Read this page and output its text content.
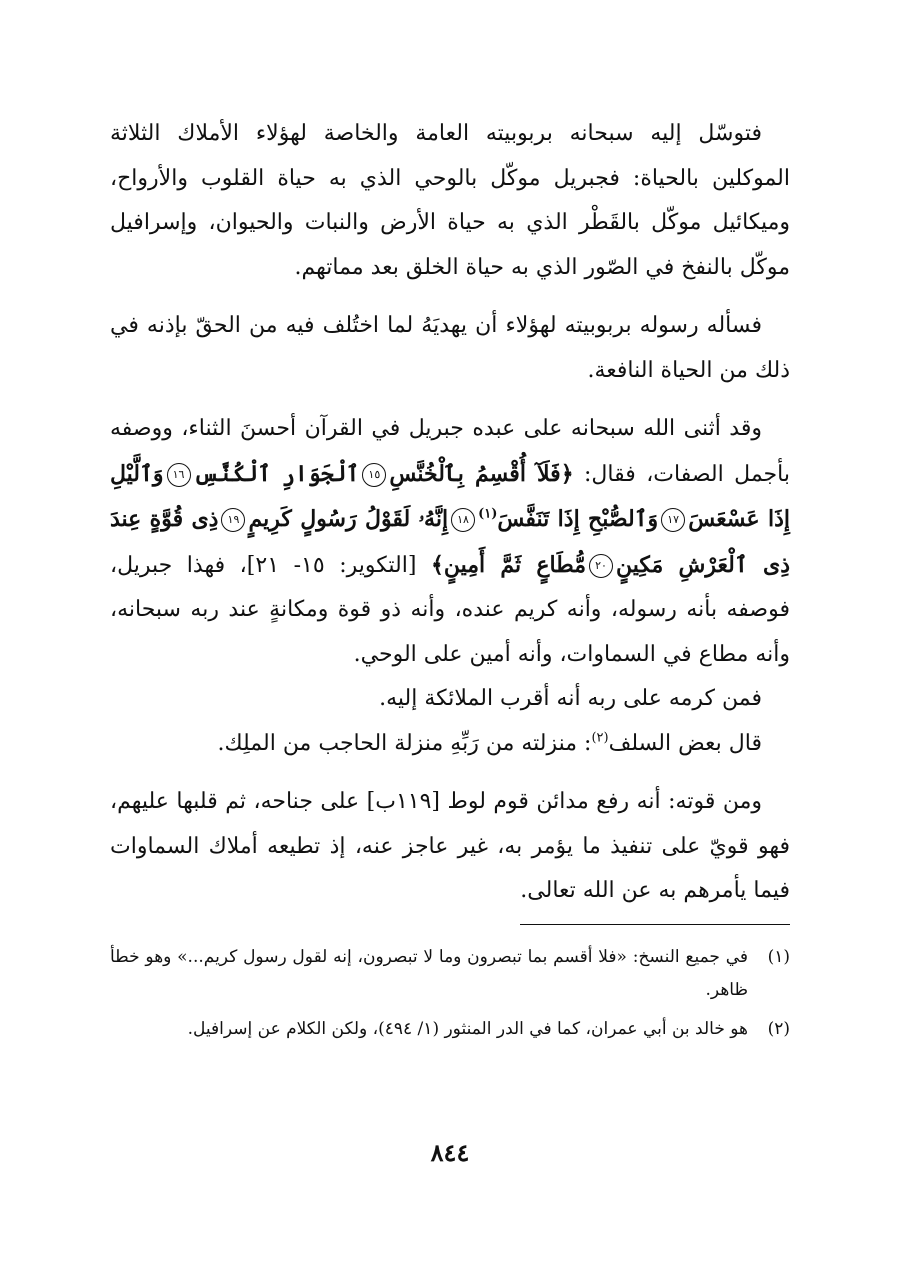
فتوسّل إليه سبحانه بربوبيته العامة والخاصة لهؤلاء الأملاك الثلاثة الموكلين بالحياة: فجبريل موكّل بالوحي الذي به حياة القلوب والأرواح، وميكائيل موكّل بالقَطْر الذي به حياة الأرض والنبات والحيوان، وإسرافيل موكّل بالنفخ في الصّور الذي به حياة الخلق بعد مماتهم.

فسأله رسوله بربوبيته لهؤلاء أن يهديَهُ لما اختُلف فيه من الحقّ بإذنه في ذلك من الحياة النافعة.

وقد أثنى الله سبحانه على عبده جبريل في القرآن أحسنَ الثناء، ووصفه بأجمل الصفات، فقال: ﴿فَلَآ أُقْسِمُ بِٱلْخُنَّسِ١٥ٱلْجَوَارِ ٱلْكُنَّسِ١٦وَٱلَّيْلِ إِذَا عَسْعَسَ١٧وَٱلصُّبْحِ إِذَا تَنَفَّسَ$^{(١)}$١٨إِنَّهُۥ لَقَوْلُ رَسُولٍ كَرِيمٍ١٩ذِى قُوَّةٍ عِندَ ذِى ٱلْعَرْشِ مَكِينٍ٢٠مُّطَاعٍ ثَمَّ أَمِينٍ﴾ [التكوير: ١٥- ٢١]، فهذا جبريل، فوصفه بأنه رسوله، وأنه كريم عنده، وأنه ذو قوة ومكانةٍ عند ربه سبحانه، وأنه مطاع في السماوات، وأنه أمين على الوحي.

فمن كرمه على ربه أنه أقرب الملائكة إليه.

قال بعض السلف$^{(٢)}$: منزلته من رَبِّهِ منزلة الحاجب من الملِك.

ومن قوته: أنه رفع مدائن قوم لوط [١١٩ب] على جناحه، ثم قلبها عليهم، فهو قويّ على تنفيذ ما يؤمر به، غير عاجز عنه، إذ تطيعه أملاك السماوات فيما يأمرهم به عن الله تعالى.

(١)
في جميع النسخ: «فلا أقسم بما تبصرون وما لا تبصرون، إنه لقول رسول كريم...» وهو خطأ ظاهر.
(٢)
هو خالد بن أبي عمران، كما في الدر المنثور (١/ ٤٩٤)، ولكن الكلام عن إسرافيل.
٨٤٤
